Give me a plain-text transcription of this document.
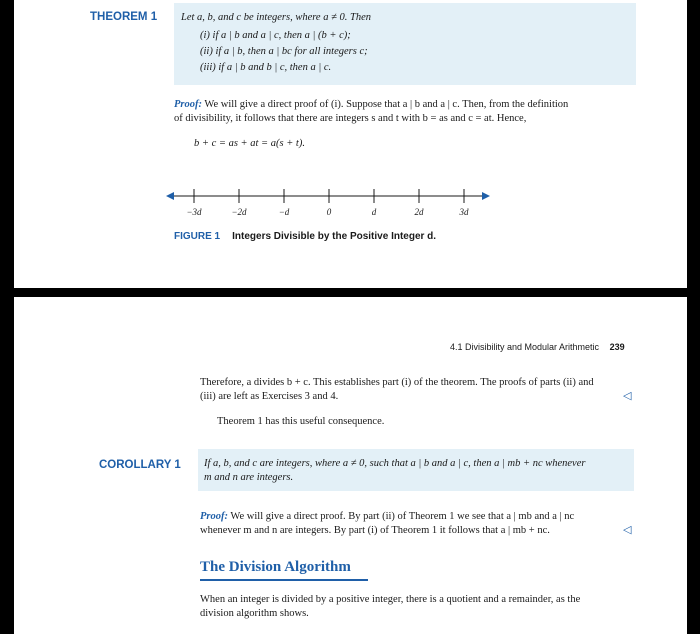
THEOREM 1 Let a, b, and c be integers, where a ≠ 0. Then
(i) if a | b and a | c, then a | (b + c);
(ii) if a | b, then a | bc for all integers c;
(iii) if a | b and b | c, then a | c.
Proof: We will give a direct proof of (i). Suppose that a | b and a | c. Then, from the definition
of divisibility, it follows that there are integers s and t with b = as and c = at. Hence,
b + c = as + at = a(s + t).
−3d	−2d	−d	0	d	2d	3d
FIGURE 1 Integers Divisible by the Positive Integer d.
4.1 Divisibility and Modular Arithmetic 239
Therefore, a divides b + c. This establishes part (i) of the theorem. The proofs of parts (ii) and
(iii) are left as Exercises 3 and 4.	◁
Theorem 1 has this useful consequence.
COROLLARY 1 If a, b, and c are integers, where a ≠ 0, such that a | b and a | c, then a | mb + nc whenever
m and n are integers.
Proof: We will give a direct proof. By part (ii) of Theorem 1 we see that a | mb and a | nc
whenever m and n are integers. By part (i) of Theorem 1 it follows that a | mb + nc.	◁
The Division Algorithm
When an integer is divided by a positive integer, there is a quotient and a remainder, as the
division algorithm shows.
